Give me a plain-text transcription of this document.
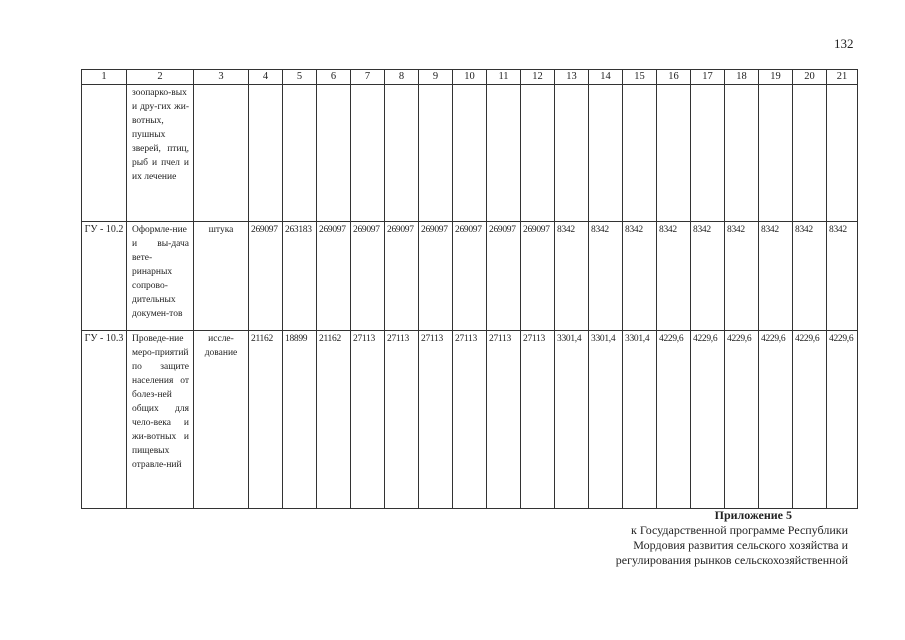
132
1	2	3	4	5	6	7	8	9	10	11	12	13	14	15	16	17	18	19	20	21
	зоопарко-вых и дру-гих жи-вотных, пушных зверей, птиц, рыб и пчел и их лечение																			
ГУ - 10.2	Оформле-ние и вы-дача вете-ринарных сопрово-дительных докумен-тов	штука	269097	263183	269097	269097	269097	269097	269097	269097	269097	8342	8342	8342	8342	8342	8342	8342	8342	8342
ГУ - 10.3	Проведе-ние меро-приятий по защите населения от болез-ней общих для чело-века и жи-вотных и пищевых отравле-ний	иссле-дование	21162	18899	21162	27113	27113	27113	27113	27113	27113	3301,4	3301,4	3301,4	4229,6	4229,6	4229,6	4229,6	4229,6	4229,6
Приложение 5
к Государственной программе Республики
Мордовия развития сельского хозяйства и
регулирования рынков сельскохозяйственной
